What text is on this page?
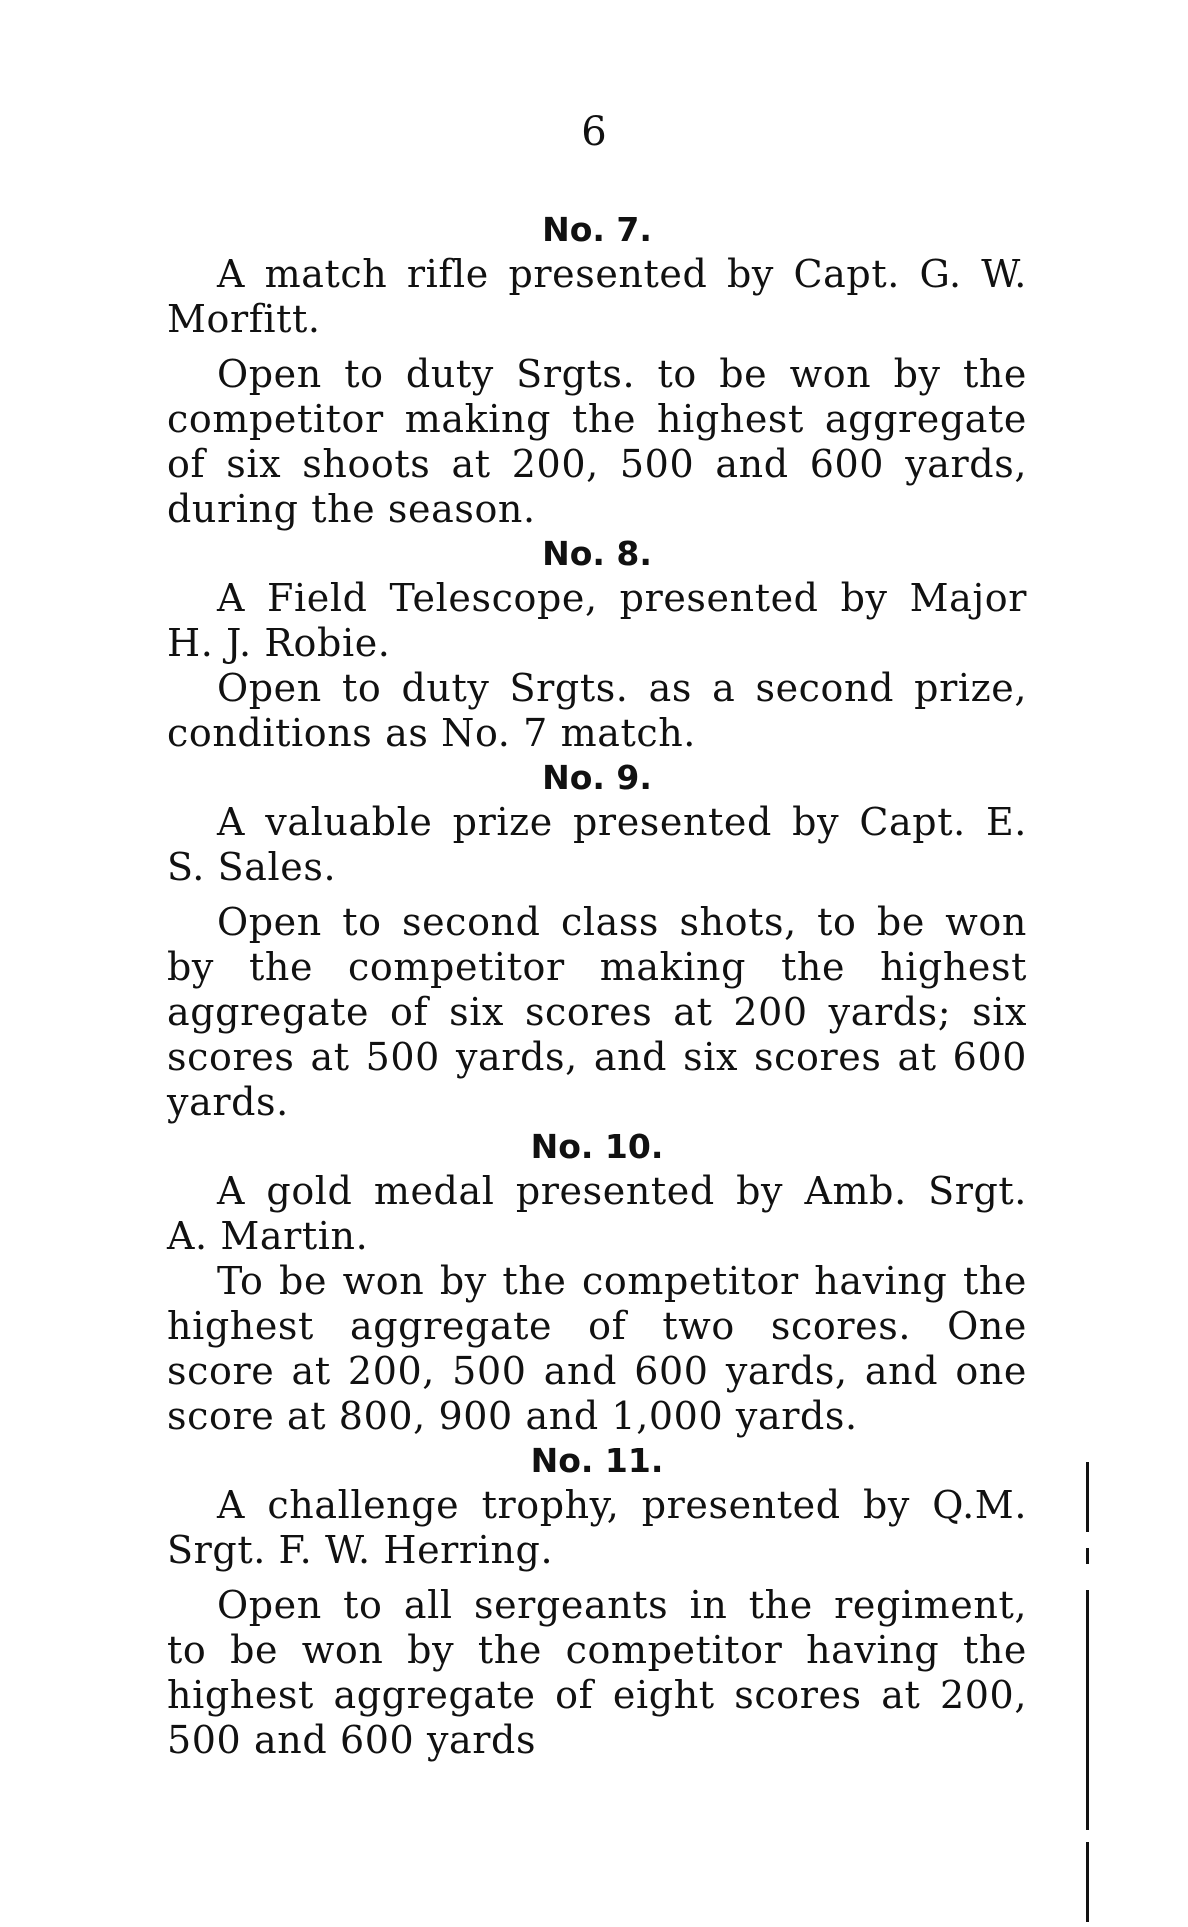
6
No. 7.

A match rifle presented by Capt. G. W. Morfitt.

Open to duty Srgts. to be won by the competitor making the highest aggregate of six shoots at 200, 500 and 600 yards, during the season.

No. 8.

A Field Telescope, presented by Major H. J. Robie.

Open to duty Srgts. as a second prize, conditions as No. 7 match.

No. 9.

A valuable prize presented by Capt. E. S. Sales.

Open to second class shots, to be won by the competitor making the highest aggregate of six scores at 200 yards; six scores at 500 yards, and six scores at 600 yards.

No. 10.

A gold medal presented by Amb. Srgt. A. Martin.

To be won by the competitor having the highest aggregate of two scores. One score at 200, 500 and 600 yards, and one score at 800, 900 and 1,000 yards.

No. 11.

A challenge trophy, presented by Q.M. Srgt. F. W. Herring.

Open to all sergeants in the regiment, to be won by the competitor having the highest aggregate of eight scores at 200, 500 and 600 yards
